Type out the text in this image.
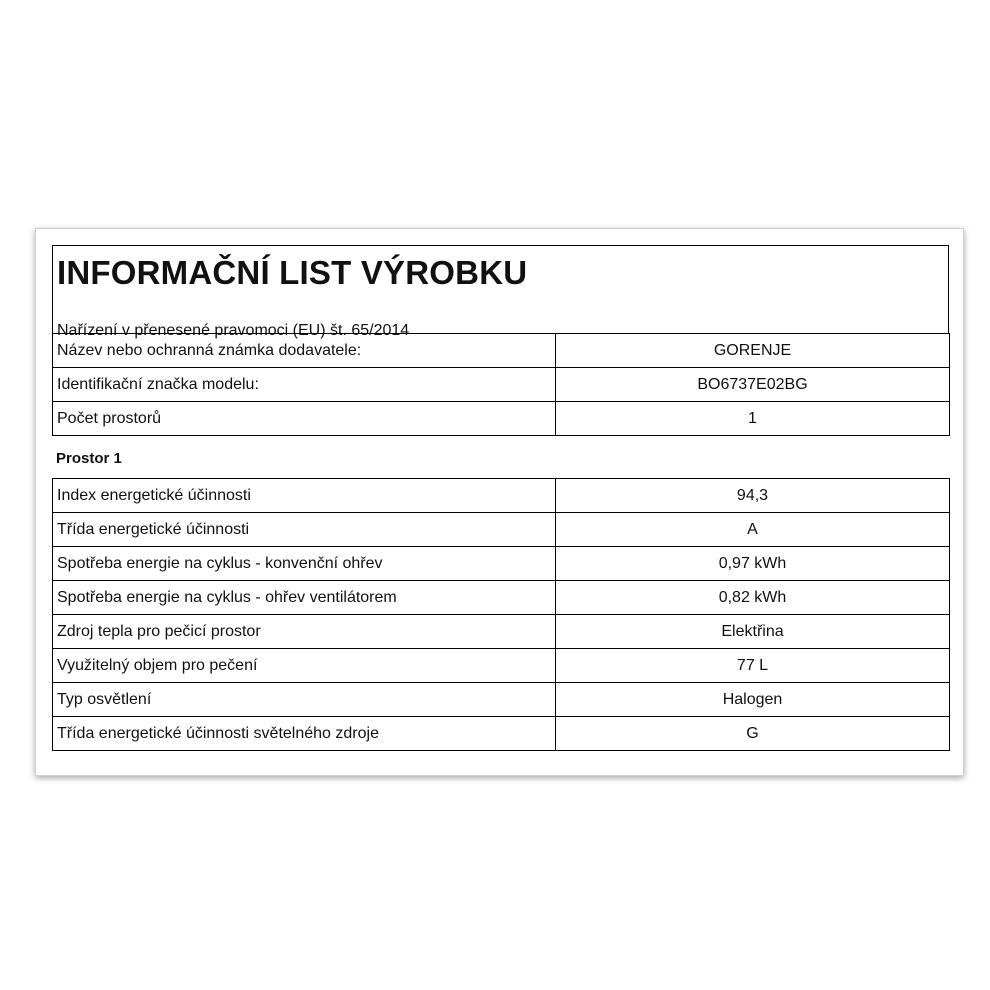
INFORMAČNÍ LIST VÝROBKU
Nařízení v přenesené pravomoci (EU) št. 65/2014
Název nebo ochranná známka dodavatele:	GORENJE
Identifikační značka modelu:	BO6737E02BG
Počet prostorů	1
Prostor 1
Index energetické účinnosti	94,3
Třída energetické účinnosti	A
Spotřeba energie na cyklus - konvenční ohřev	0,97 kWh
Spotřeba energie na cyklus - ohřev ventilátorem	0,82 kWh
Zdroj tepla pro pečicí prostor	Elektřina
Využitelný objem pro pečení	77 L
Typ osvětlení	Halogen
Třída energetické účinnosti světelného zdroje	G
